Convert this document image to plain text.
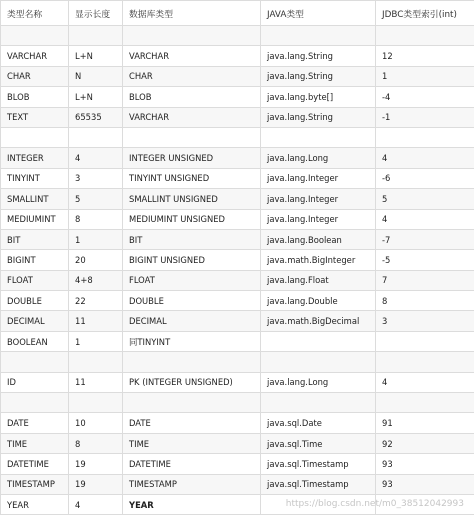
类型名称	显示长度	数据库类型	JAVA类型	JDBC类型索引(int)

VARCHAR	L+N	VARCHAR	java.lang.String	12
CHAR	N	CHAR	java.lang.String	1
BLOB	L+N	BLOB	java.lang.byte[]	-4
TEXT	65535	VARCHAR	java.lang.String	-1

INTEGER	4	INTEGER UNSIGNED	java.lang.Long	4
TINYINT	3	TINYINT UNSIGNED	java.lang.Integer	-6
SMALLINT	5	SMALLINT UNSIGNED	java.lang.Integer	5
MEDIUMINT	8	MEDIUMINT UNSIGNED	java.lang.Integer	4
BIT	1	BIT	java.lang.Boolean	-7
BIGINT	20	BIGINT UNSIGNED	java.math.BigInteger	-5
FLOAT	4+8	FLOAT	java.lang.Float	7
DOUBLE	22	DOUBLE	java.lang.Double	8
DECIMAL	11	DECIMAL	java.math.BigDecimal	3
BOOLEAN	1	同TINYINT		

ID	11	PK (INTEGER UNSIGNED)	java.lang.Long	4

DATE	10	DATE	java.sql.Date	91
TIME	8	TIME	java.sql.Time	92
DATETIME	19	DATETIME	java.sql.Timestamp	93
TIMESTAMP	19	TIMESTAMP	java.sql.Timestamp	93
YEAR	4	YEAR			https://blog.csdn.net/m0_38512042993
